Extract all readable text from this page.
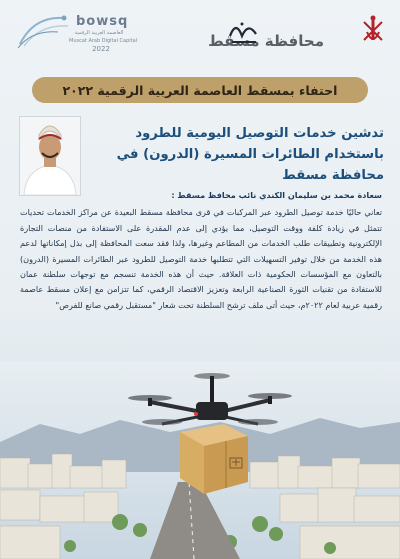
bowsq
العاصمة العربية الرقمية
Muscat Arab Digital Capital
2022	محافظة مسقط
احتفاء بمسقط العاصمة العربية الرقمية ٢٠٢٢
تدشين خدمات التوصيل اليومية للطرود باستخدام الطائرات المسيرة (الدرون) في محافظة مسقط
سعادة محمد بن سليمان الكندي نائب محافظ مسقط :

تعاني حاليًا خدمة توصيل الطرود عبر المركبات في قرى محافظة مسقط البعيدة عن مراكز الخدمات تحديات تتمثل في زيادة كلفة ووقت التوصيل، مما يؤدي إلى عدم المقدرة على الاستفادة من منصات التجارة الإلكترونية وتطبيقات طلب الخدمات من المطاعم وغيرها، ولذا فقد سعت المحافظة إلى بذل إمكاناتها لدعم هذه الخدمة من خلال توفير التسهيلات التي تتطلبها خدمة التوصيل للطرود عبر الطائرات المسيرة (الدرون) بالتعاون مع المؤسسات الحكومية ذات العلاقة. حيث أن هذه الخدمة تنسجم مع توجهات سلطنة عمان للاستفادة من تقنيات الثورة الصناعية الرابعة وتعزيز الاقتصاد الرقمي، كما تتزامن مع إعلان مسقط عاصمة رقمية عربية لعام ٢٠٢٢م، حيث أتى ملف ترشح السلطنة تحت شعار "مستقبل رقمي صانع للفرص"
